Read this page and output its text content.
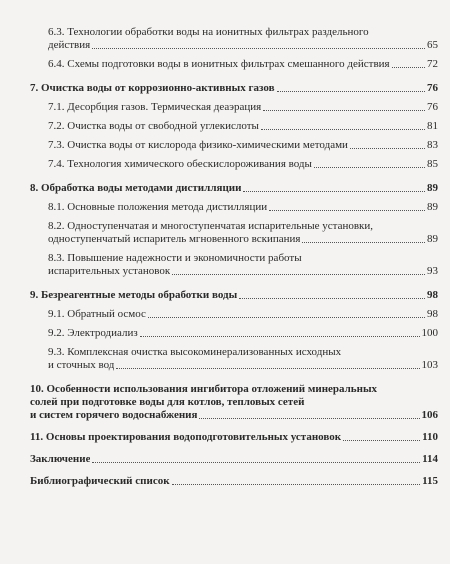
6.3. Технологии обработки воды на ионитных фильтрах раздельного
действия	65
6.4. Схемы подготовки воды в ионитных фильтрах смешанного действия	72
7. Очистка воды от коррозионно-активных газов	76
7.1. Десорбция газов. Термическая деаэрация	76
7.2. Очистка воды от свободной углекислоты	81
7.3. Очистка воды от кислорода физико-химическими методами	83
7.4. Технология химического обескислороживания воды	85
8. Обработка воды методами дистилляции	89
8.1. Основные положения метода дистилляции	89
8.2. Одноступенчатая и многоступенчатая испарительные установки,
одноступенчатый испаритель мгновенного вскипания	89
8.3. Повышение надежности и экономичности работы
испарительных установок	93
9. Безреагентные методы обработки воды	98
9.1. Обратный осмос	98
9.2. Электродиализ	100
9.3. Комплексная очистка высокоминерализованных исходных
и сточных вод	103
10. Особенности использования ингибитора отложений минеральных
солей при подготовке воды для котлов, тепловых сетей
и систем горячего водоснабжения	106
11. Основы проектирования водоподготовительных установок	110
Заключение	114
Библиографический список	115
